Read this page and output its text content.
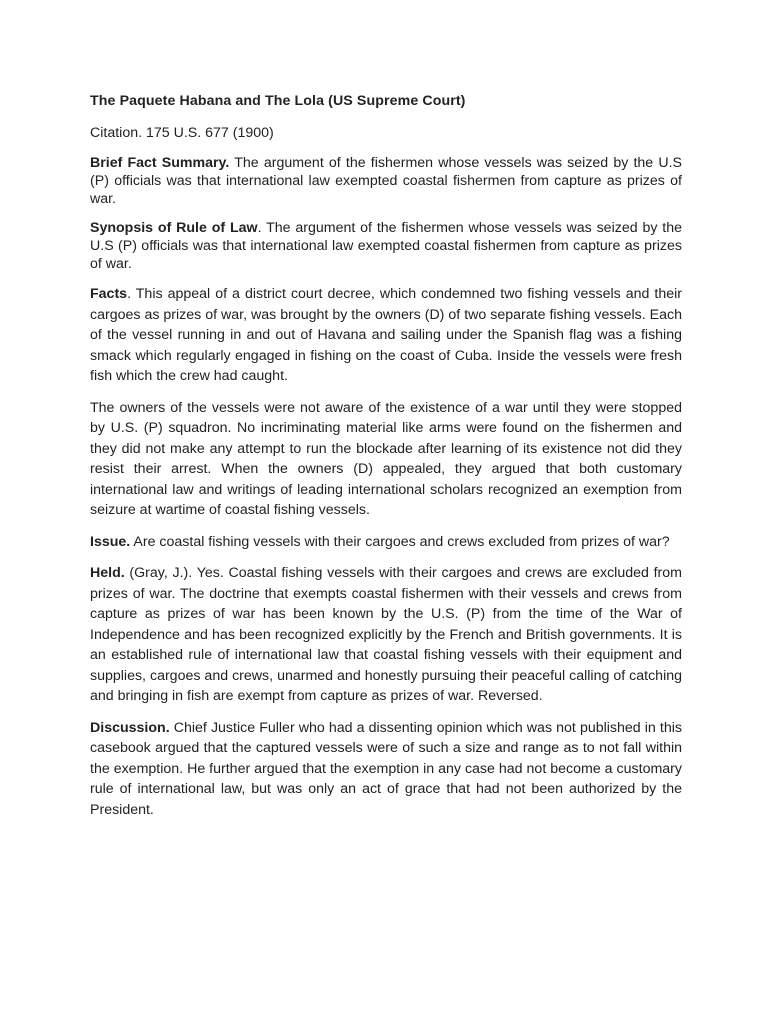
The Paquete Habana and The Lola (US Supreme Court)
Citation. 175 U.S. 677 (1900)

Brief Fact Summary. The argument of the fishermen whose vessels was seized by the U.S (P) officials was that international law exempted coastal fishermen from capture as prizes of war.

Synopsis of Rule of Law. The argument of the fishermen whose vessels was seized by the U.S (P) officials was that international law exempted coastal fishermen from capture as prizes of war.

Facts. This appeal of a district court decree, which condemned two fishing vessels and their cargoes as prizes of war, was brought by the owners (D) of two separate fishing vessels. Each of the vessel running in and out of Havana and sailing under the Spanish flag was a fishing smack which regularly engaged in fishing on the coast of Cuba. Inside the vessels were fresh fish which the crew had caught.

The owners of the vessels were not aware of the existence of a war until they were stopped by U.S. (P) squadron. No incriminating material like arms were found on the fishermen and they did not make any attempt to run the blockade after learning of its existence not did they resist their arrest. When the owners (D) appealed, they argued that both customary international law and writings of leading international scholars recognized an exemption from seizure at wartime of coastal fishing vessels.

Issue. Are coastal fishing vessels with their cargoes and crews excluded from prizes of war?

Held. (Gray, J.). Yes. Coastal fishing vessels with their cargoes and crews are excluded from prizes of war. The doctrine that exempts coastal fishermen with their vessels and crews from capture as prizes of war has been known by the U.S. (P) from the time of the War of Independence and has been recognized explicitly by the French and British governments. It is an established rule of international law that coastal fishing vessels with their equipment and supplies, cargoes and crews, unarmed and honestly pursuing their peaceful calling of catching and bringing in fish are exempt from capture as prizes of war. Reversed.

Discussion. Chief Justice Fuller who had a dissenting opinion which was not published in this casebook argued that the captured vessels were of such a size and range as to not fall within the exemption. He further argued that the exemption in any case had not become a customary rule of international law, but was only an act of grace that had not been authorized by the President.
